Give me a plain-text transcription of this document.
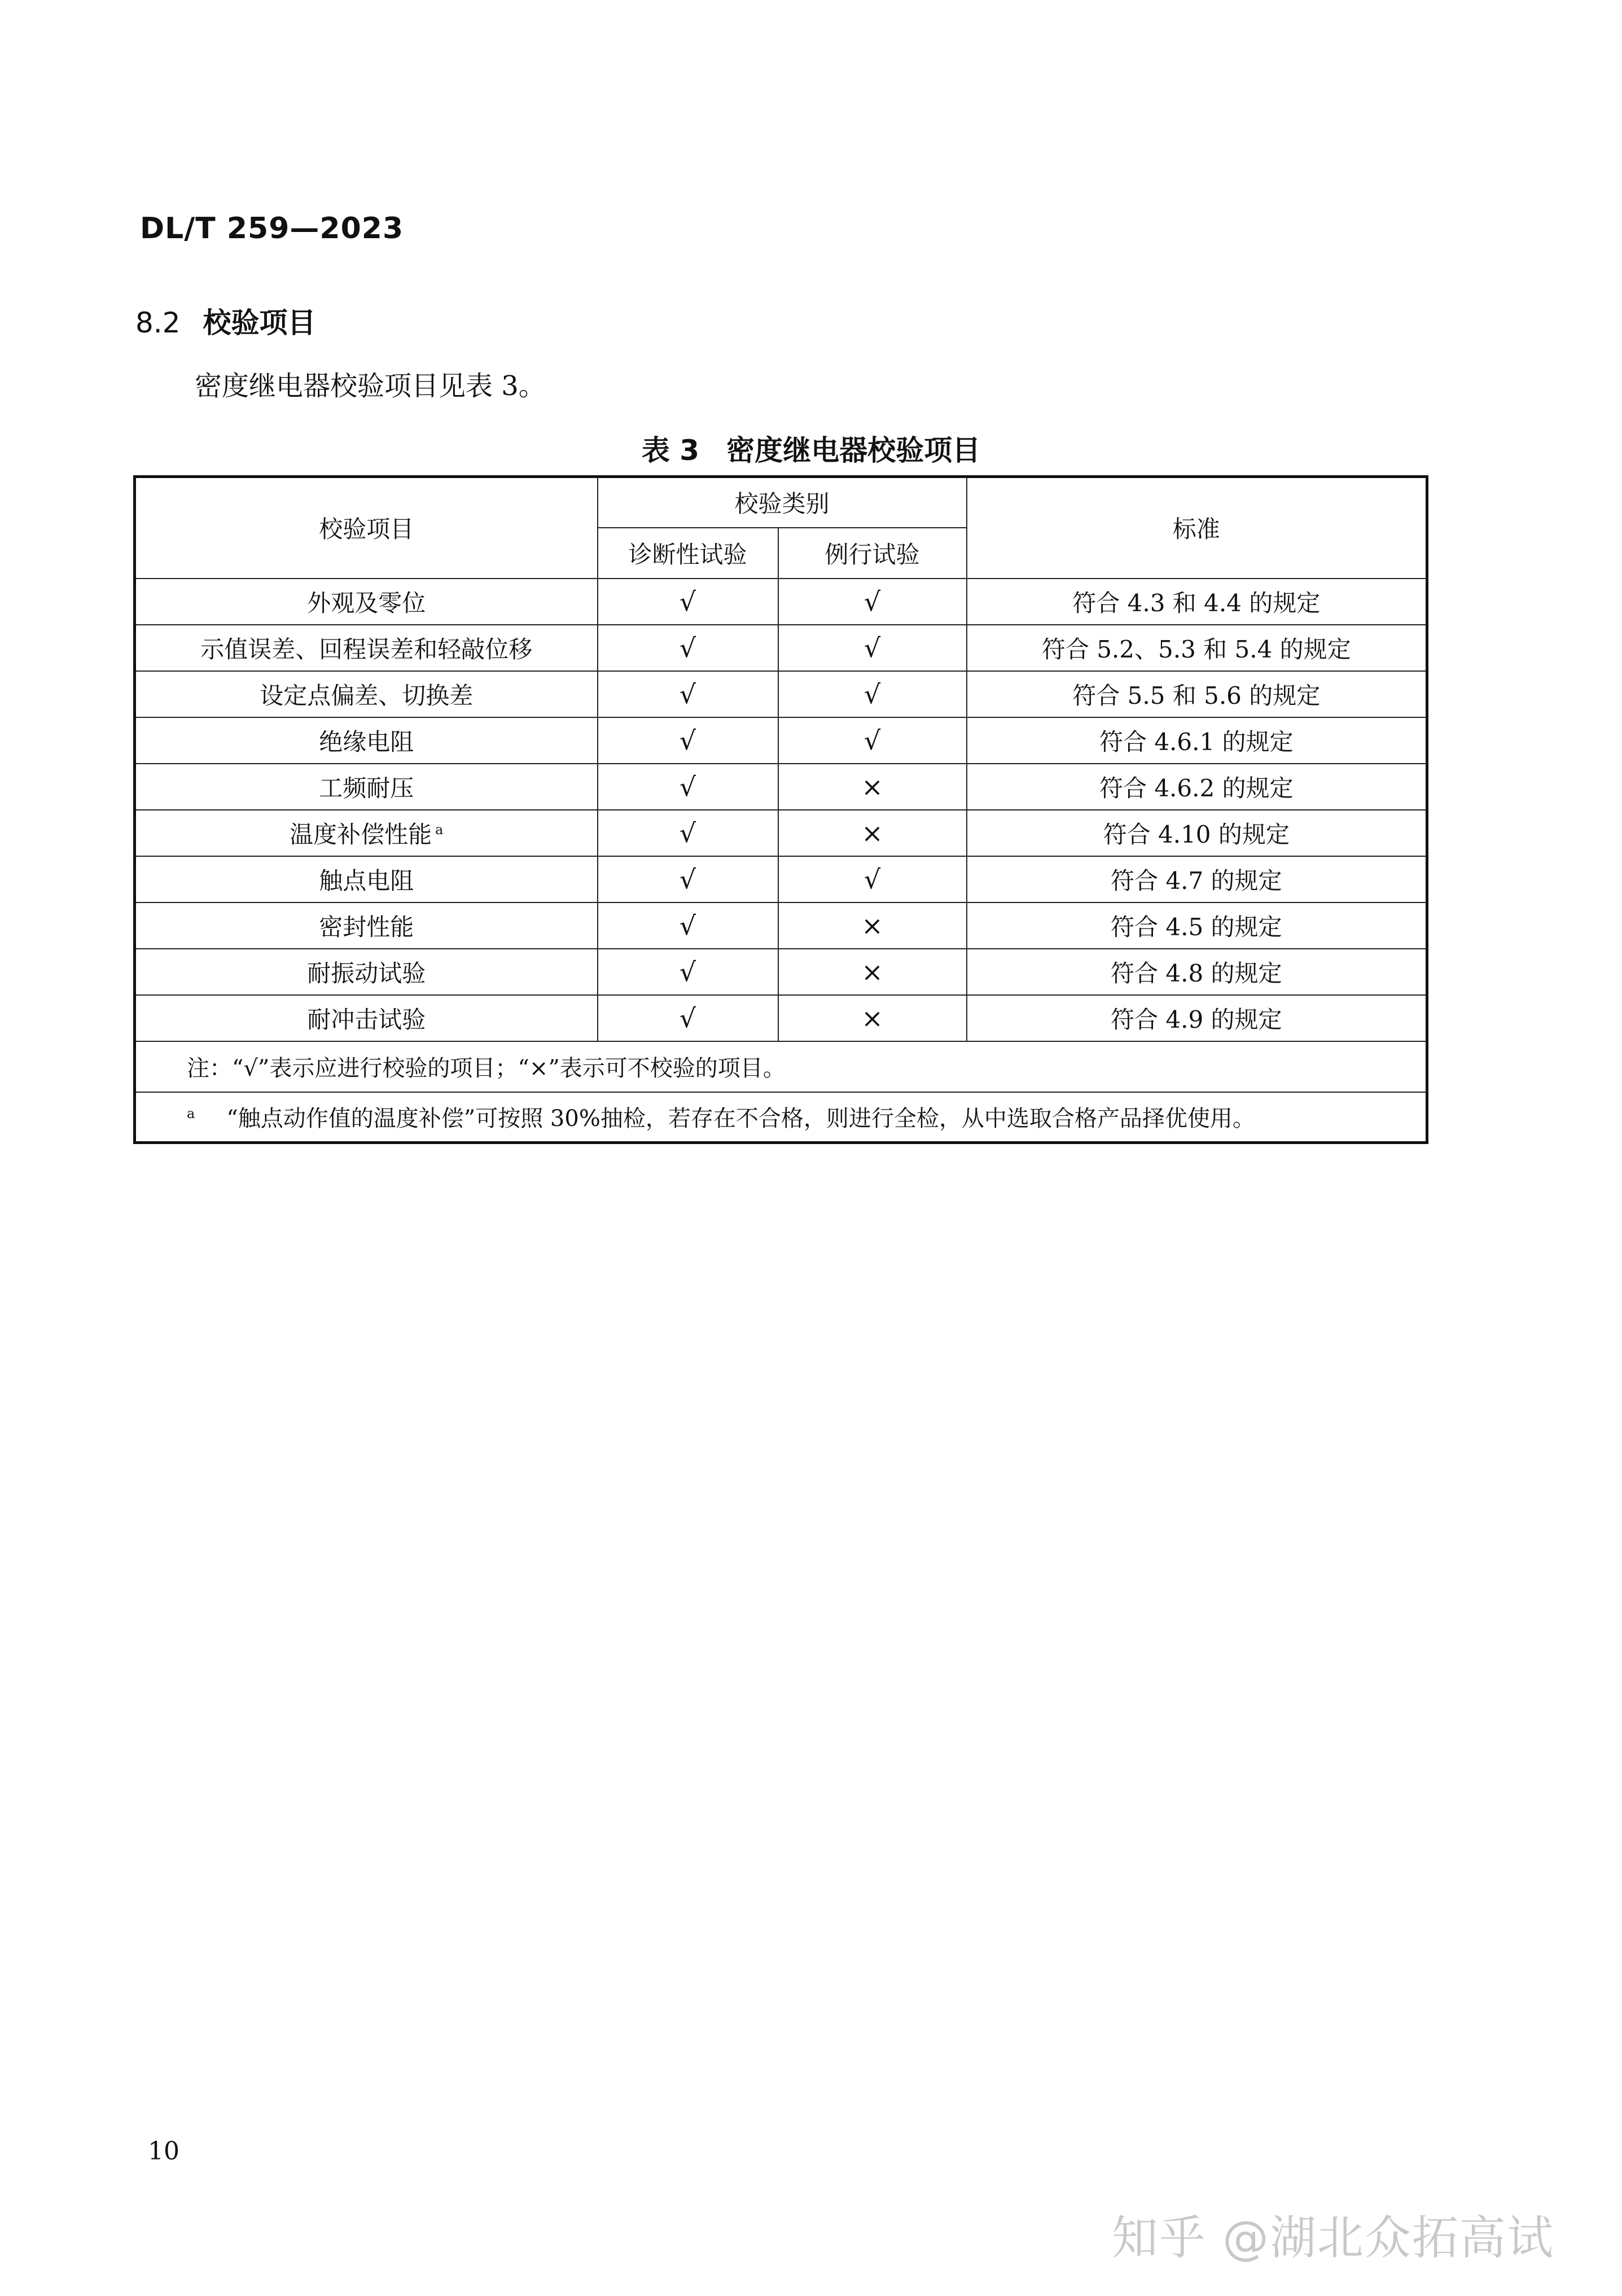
DL/T 259—2023
8.2 校验项目
密度继电器校验项目见表 3。
表 3 密度继电器校验项目
校验项目	校验类别		标准
	诊断性试验	例行试验	
外观及零位	√	√	符合 4.3 和 4.4 的规定
示值误差、回程误差和轻敲位移	√	√	符合 5.2、5.3 和 5.4 的规定
设定点偏差、切换差	√	√	符合 5.5 和 5.6 的规定
绝缘电阻	√	√	符合 4.6.1 的规定
工频耐压	√	×	符合 4.6.2 的规定
温度补偿性能 $^a$	√	×	符合 4.10 的规定
触点电阻	√	√	符合 4.7 的规定
密封性能	√	×	符合 4.5 的规定
耐振动试验	√	×	符合 4.8 的规定
耐冲击试验	√	×	符合 4.9 的规定
注：“√”表示应进行校验的项目；“×”表示可不校验的项目。			
$^a$ “触点动作值的温度补偿”可按照 30%抽检，若存在不合格，则进行全检，从中选取合格产品择优使用。			
10
知乎 @湖北众拓高试
